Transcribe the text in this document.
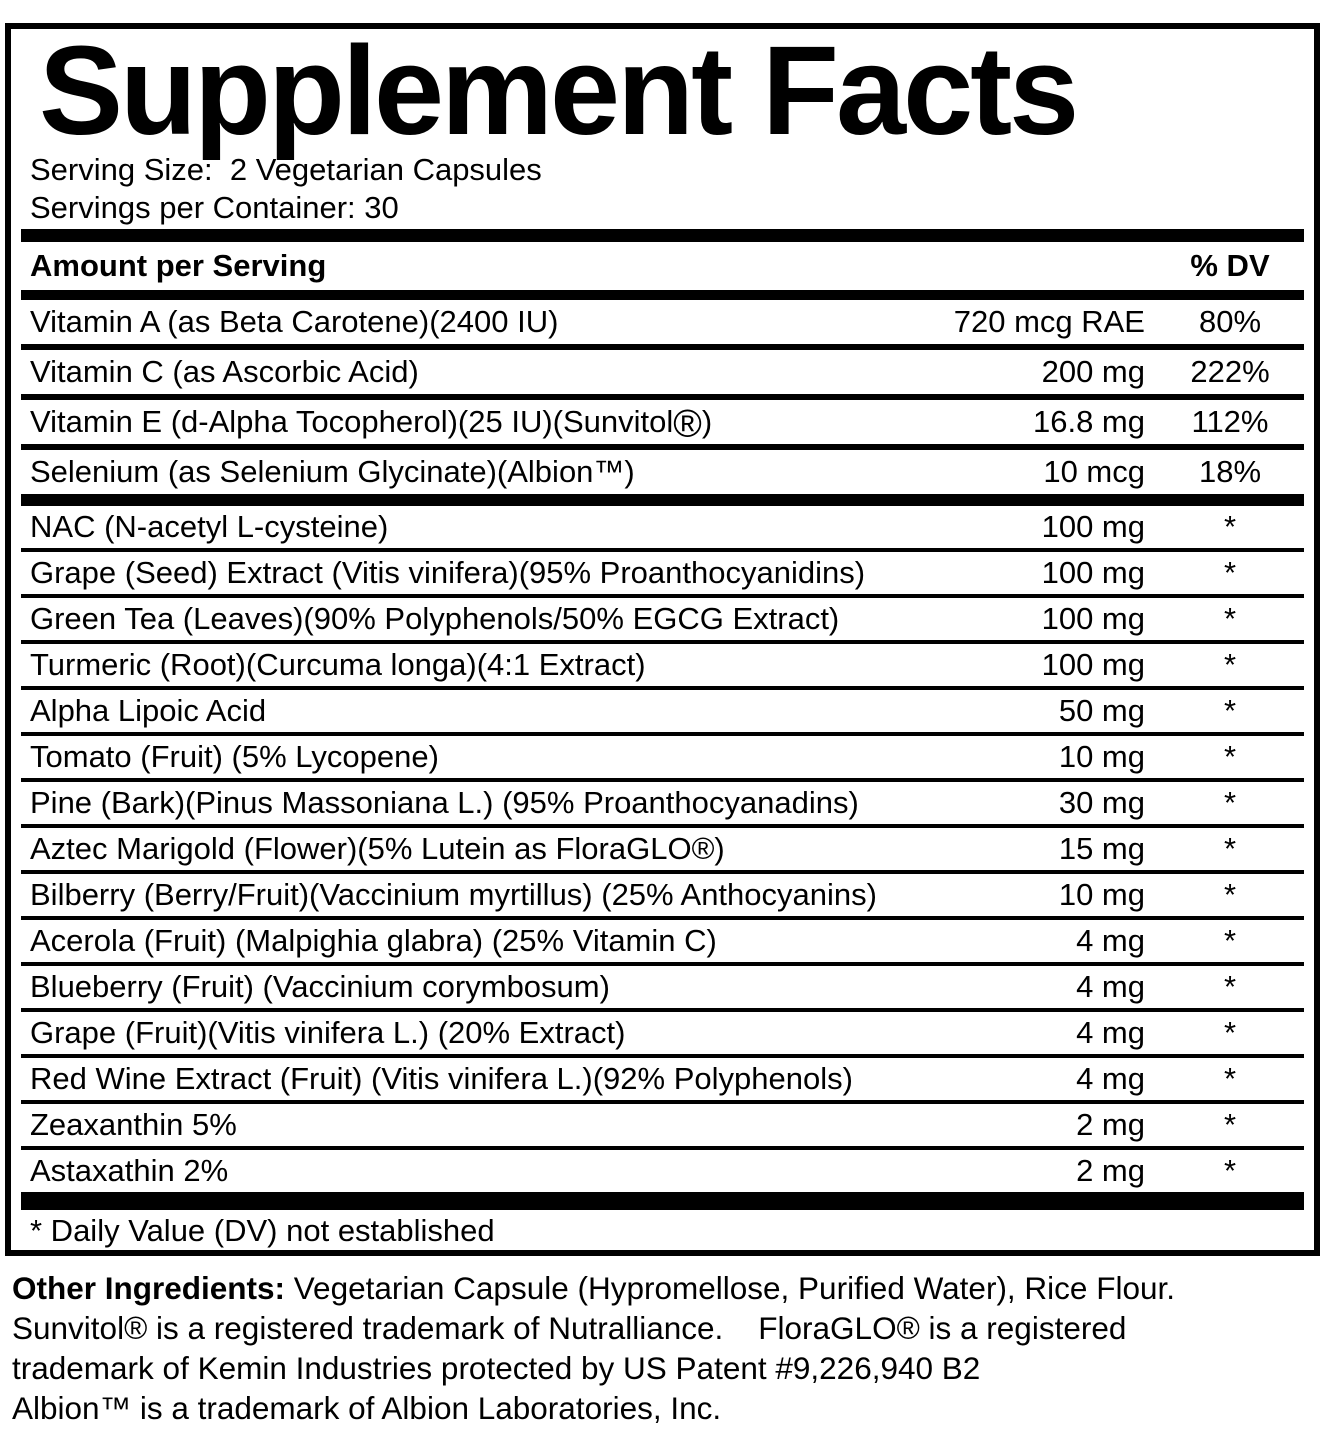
Supplement Facts
Serving Size:  2 Vegetarian Capsules
Servings per Container: 30
Amount per Serving	% DV
Vitamin A (as Beta Carotene)(2400 IU)	720 mcg RAE	80%
Vitamin C (as Ascorbic Acid)	200 mg	222%
Vitamin E (d-Alpha Tocopherol)(25 IU)(Sunvitol®)	16.8 mg	112%
Selenium (as Selenium Glycinate)(Albion™)	10 mcg	18%
NAC (N-acetyl L-cysteine)	100 mg	*
Grape (Seed) Extract (Vitis vinifera)(95% Proanthocyanidins)	100 mg	*
Green Tea (Leaves)(90% Polyphenols/50% EGCG Extract)	100 mg	*
Turmeric (Root)(Curcuma longa)(4:1 Extract)	100 mg	*
Alpha Lipoic Acid	50 mg	*
Tomato (Fruit) (5% Lycopene)	10 mg	*
Pine (Bark)(Pinus Massoniana L.) (95% Proanthocyanadins)	30 mg	*
Aztec Marigold (Flower)(5% Lutein as FloraGLO®)	15 mg	*
Bilberry (Berry/Fruit)(Vaccinium myrtillus) (25% Anthocyanins)	10 mg	*
Acerola (Fruit) (Malpighia glabra) (25% Vitamin C)	4 mg	*
Blueberry (Fruit) (Vaccinium corymbosum)	4 mg	*
Grape (Fruit)(Vitis vinifera L.) (20% Extract)	4 mg	*
Red Wine Extract (Fruit) (Vitis vinifera L.)(92% Polyphenols)	4 mg	*
Zeaxanthin 5%	2 mg	*
Astaxathin 2%	2 mg	*
* Daily Value (DV) not established
Other Ingredients: Vegetarian Capsule (Hypromellose, Purified Water), Rice Flour.
Sunvitol® is a registered trademark of Nutralliance.    FloraGLO® is a registered
trademark of Kemin Industries protected by US Patent #9,226,940 B2
Albion™ is a trademark of Albion Laboratories, Inc.
